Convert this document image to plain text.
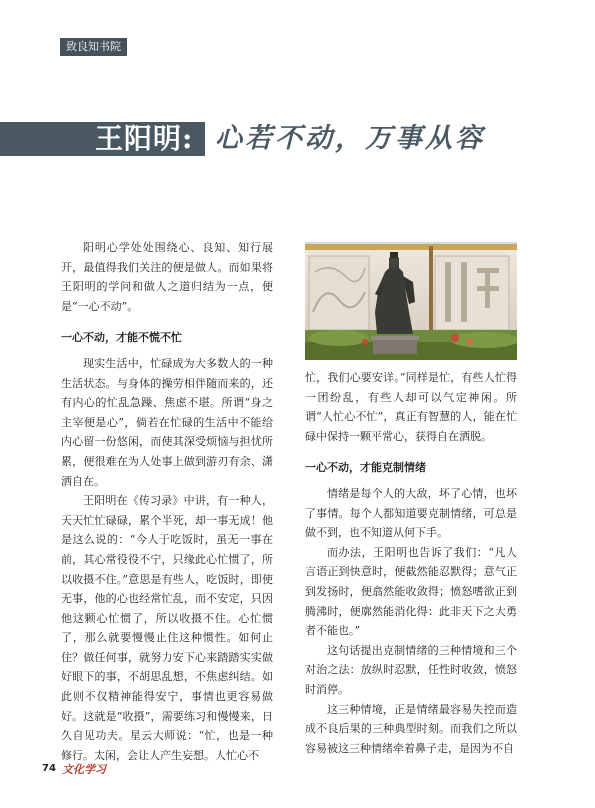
致良知书院
王阳明: 心若不动，万事从容

阳明心学处处围绕心、良知、知行展开，最值得我们关注的便是做人。而如果将王阳明的学问和做人之道归结为一点，便是“一心不动”。

一心不动，才能不慌不忙

现实生活中，忙碌成为大多数人的一种生活状态。与身体的操劳相伴随而来的，还有内心的忙乱急躁、焦虑不堪。所谓“身之主宰便是心”，倘若在忙碌的生活中不能给内心留一份悠闲，而使其深受烦恼与担忧所累，便很难在为人处事上做到游刃有余、潇洒自在。

王阳明在《传习录》中讲，有一种人，天天忙忙碌碌，累个半死，却一事无成！他是这么说的：“今人于吃饭时，虽无一事在前，其心常役役不宁，只缘此心忙惯了，所以收摄不住。”意思是有些人，吃饭时，即使无事，他的心也经常忙乱，而不安定，只因他这颗心忙惯了，所以收摄不住。心忙惯了，那么就要慢慢止住这种惯性。如何止住？做任何事，就努力安下心来踏踏实实做好眼下的事，不胡思乱想，不焦虑纠结。如此则不仅精神能得安宁，事情也更容易做好。这就是“收摄”，需要练习和慢慢来，日久自见功夫。星云大师说：“忙，也是一种修行。太闲，会让人产生妄想。人忙心不

忙，我们心要安详。”同样是忙，有些人忙得一团纷乱，有些人却可以气定神闲。所谓“人忙心不忙”，真正有智慧的人，能在忙碌中保持一颗平常心，获得自在洒脱。

一心不动，才能克制情绪

情绪是每个人的大敌，坏了心情，也坏了事情。每个人都知道要克制情绪，可总是做不到，也不知道从何下手。

而办法，王阳明也告诉了我们：“凡人言语正到快意时，便截然能忍默得；意气正到发扬时，便翕然能收敛得；愤怒嗜欲正到腾沸时，便廓然能消化得：此非天下之大勇者不能也。”

这句话提出克制情绪的三种情境和三个对治之法：放纵时忍默，任性时收敛，愤怒时消停。

这三种情境，正是情绪最容易失控而造成不良后果的三种典型时刻。而我们之所以容易被这三种情绪牵着鼻子走，是因为不自

74 文化学习
